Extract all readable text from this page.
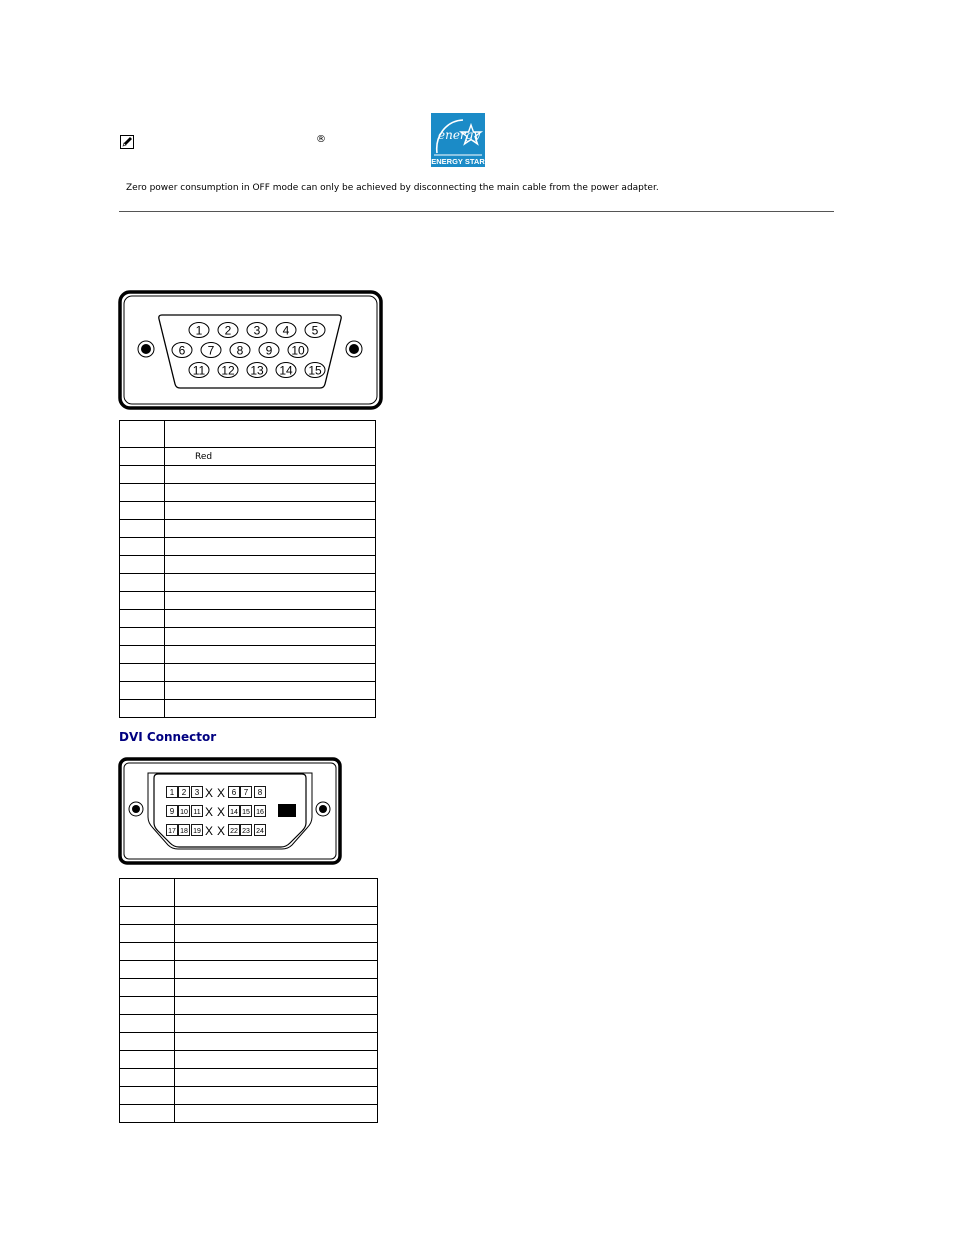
®	energy
ENERGY STAR
Zero power consumption in OFF mode can only be achieved by disconnecting the main cable from the power adapter.
1 2 3 4 5
6 7 8 9 10
11 12 13 14 15

	Red

DVI Connector
1 2 3 X X 6 7 8
9 10 11 X X 14 15 16
17 18 19 X X 22 23 24
